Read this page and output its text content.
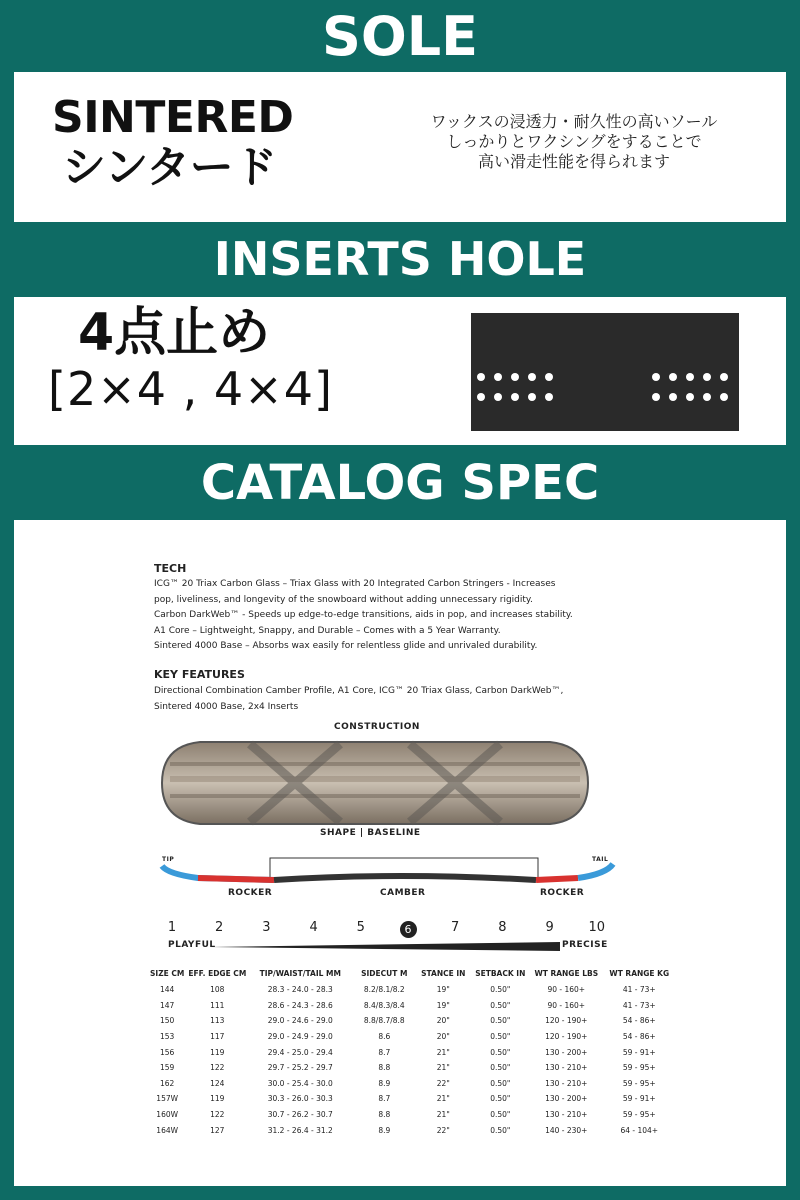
SOLE
SINTERED
シンタード
ワックスの浸透力・耐久性の高いソール
しっかりとワクシングをすることで
高い滑走性能を得られます
INSERTS HOLE
4点止め
[2×4 , 4×4]
CATALOG SPEC
TECH
ICG™ 20 Triax Carbon Glass – Triax Glass with 20 Integrated Carbon Stringers - Increases
pop, liveliness, and longevity of the snowboard without adding unnecessary rigidity.
Carbon DarkWeb™ - Speeds up edge-to-edge transitions, aids in pop, and increases stability.
A1 Core – Lightweight, Snappy, and Durable – Comes with a 5 Year Warranty.
Sintered 4000 Base – Absorbs wax easily for relentless glide and unrivaled durability.
KEY FEATURES
Directional Combination Camber Profile, A1 Core, ICG™ 20 Triax Glass, Carbon DarkWeb™,
Sintered 4000 Base, 2x4 Inserts
CONSTRUCTION
SHAPE | BASELINE
TIP	TAIL
ROCKER	CAMBER	ROCKER
1	2	3	4	5	6	7	8	9	10
PLAYFUL	PRECISE
SIZE CM	EFF. EDGE CM	TIP/WAIST/TAIL MM	SIDECUT M	STANCE IN	SETBACK IN	WT RANGE LBS	WT RANGE KG
144	108	28.3 - 24.0 - 28.3	8.2/8.1/8.2	19"	0.50"	90 - 160+	41 - 73+
147	111	28.6 - 24.3 - 28.6	8.4/8.3/8.4	19"	0.50"	90 - 160+	41 - 73+
150	113	29.0 - 24.6 - 29.0	8.8/8.7/8.8	20"	0.50"	120 - 190+	54 - 86+
153	117	29.0 - 24.9 - 29.0	8.6	20"	0.50"	120 - 190+	54 - 86+
156	119	29.4 - 25.0 - 29.4	8.7	21"	0.50"	130 - 200+	59 - 91+
159	122	29.7 - 25.2 - 29.7	8.8	21"	0.50"	130 - 210+	59 - 95+
162	124	30.0 - 25.4 - 30.0	8.9	22"	0.50"	130 - 210+	59 - 95+
157W	119	30.3 - 26.0 - 30.3	8.7	21"	0.50"	130 - 200+	59 - 91+
160W	122	30.7 - 26.2 - 30.7	8.8	21"	0.50"	130 - 210+	59 - 95+
164W	127	31.2 - 26.4 - 31.2	8.9	22"	0.50"	140 - 230+	64 - 104+
